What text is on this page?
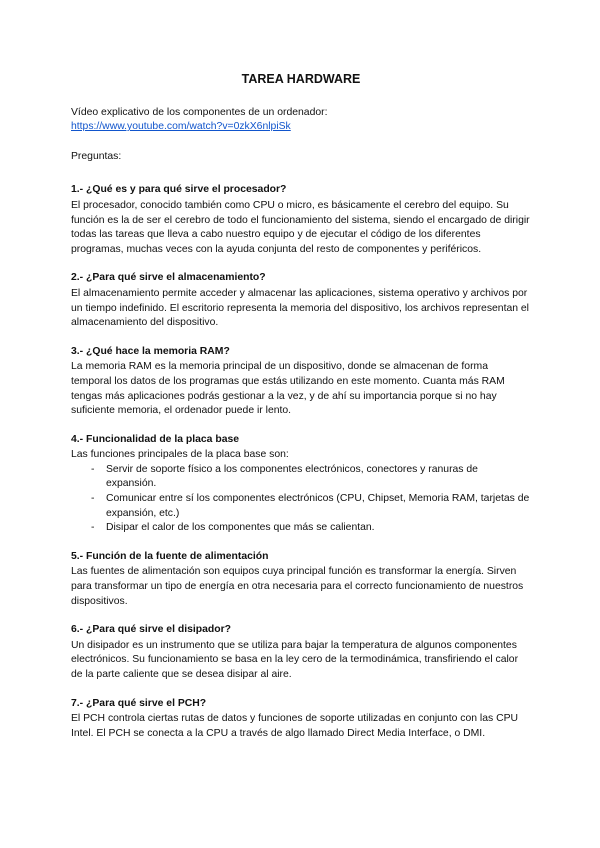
TAREA HARDWARE

Vídeo explicativo de los componentes de un ordenador:

https://www.youtube.com/watch?v=0zkX6nlpiSk

Preguntas:

1.- ¿Qué es y para qué sirve el procesador?

El procesador, conocido también como CPU o micro, es básicamente el cerebro del equipo. Su función es la de ser el cerebro de todo el funcionamiento del sistema, siendo el encargado de dirigir todas las tareas que lleva a cabo nuestro equipo y de ejecutar el código de los diferentes programas, muchas veces con la ayuda conjunta del resto de componentes y periféricos.

2.- ¿Para qué sirve el almacenamiento?

El almacenamiento permite acceder y almacenar las aplicaciones, sistema operativo y archivos por un tiempo indefinido. El escritorio representa la memoria del dispositivo, los archivos representan el almacenamiento del dispositivo.

3.- ¿Qué hace la memoria RAM?

La memoria RAM es la memoria principal de un dispositivo, donde se almacenan de forma temporal los datos de los programas que estás utilizando en este momento. Cuanta más RAM tengas más aplicaciones podrás gestionar a la vez, y de ahí su importancia porque si no hay suficiente memoria, el ordenador puede ir lento.

4.- Funcionalidad de la placa base

Las funciones principales de la placa base son:

- Servir de soporte físico a los componentes electrónicos, conectores y ranuras de expansión.
- Comunicar entre sí los componentes electrónicos (CPU, Chipset, Memoria RAM, tarjetas de expansión, etc.)
- Disipar el calor de los componentes que más se calientan.
5.- Función de la fuente de alimentación

Las fuentes de alimentación son equipos cuya principal función es transformar la energía. Sirven para transformar un tipo de energía en otra necesaria para el correcto funcionamiento de nuestros dispositivos.

6.- ¿Para qué sirve el disipador?

Un disipador es un instrumento que se utiliza para bajar la temperatura de algunos componentes electrónicos. Su funcionamiento se basa en la ley cero de la termodinámica, transfiriendo el calor de la parte caliente que se desea disipar al aire.

7.- ¿Para qué sirve el PCH?

El PCH controla ciertas rutas de datos y funciones de soporte utilizadas en conjunto con las CPU Intel. El PCH se conecta a la CPU a través de algo llamado Direct Media Interface, o DMI.
